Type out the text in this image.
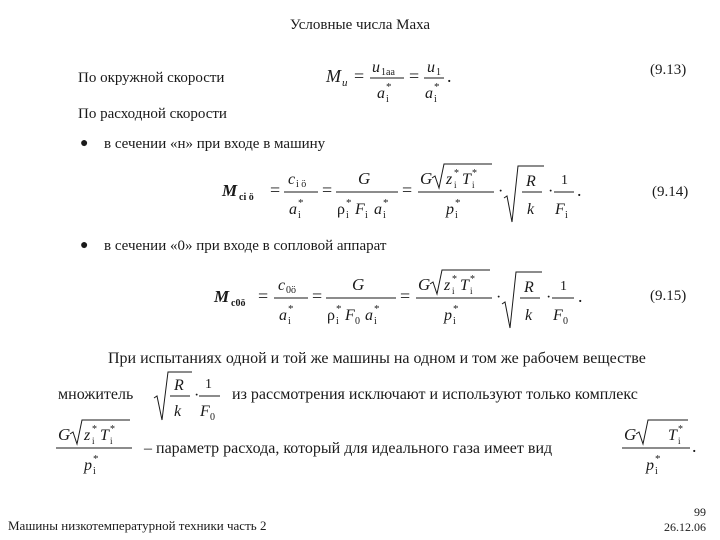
Условные числа Маха
По окружной скорости
По расходной скорости
M u = u 1аа
a *
i
= u 1
a *
i
.	(9.13)
● в сечении «н» при входе в машину
M ci ö =
c i ö
a *
i
=
G
ρ *
i F i a *
i
=
G z *
i T *
i
p *
i
·
R
k
·
1
F i
.	(9.14)
● в сечении «0» при входе в сопловой аппарат
M c0ö =
c 0ö
a *
i
=
G
ρ *
i F 0 a *
i
=
G z *
i T *
i
p *
i
·
R
k
·
1
F 0
.	(9.15)
При испытаниях одной и той же машины на одном и том же рабочем веществе
множитель
R
k
·
1
F 0
из рассмотрения исключают и используют только комплекс
G z *
i T *
i
p *
i
– параметр расхода, который для идеального газа имеет вид
G T *
i
p *
i
.
Машины низкотемпературной техники часть 2
99
26.12.06
